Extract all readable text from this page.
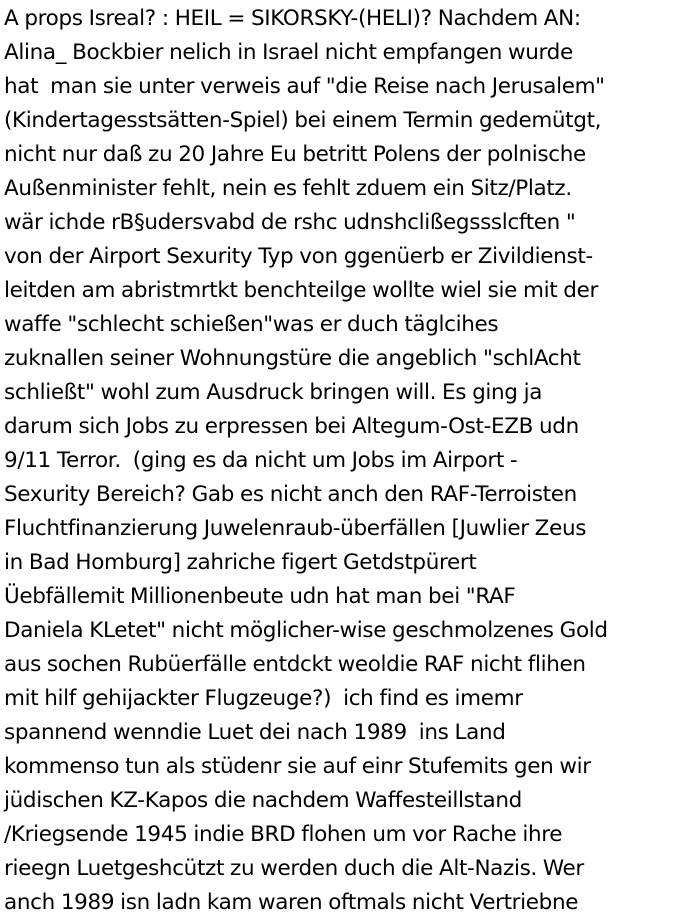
A props Isreal? : HEIL = SIKORSKY-(HELI)? Nachdem AN:
Alina_ Bockbier nelich in Israel nicht empfangen wurde
hat  man sie unter verweis auf "die Reise nach Jerusalem"
(Kindertagesstsätten-Spiel) bei einem Termin gedemütgt,
nicht nur daß zu 20 Jahre Eu betritt Polens der polnische
Außenminister fehlt, nein es fehlt zduem ein Sitz/Platz.
wär ichde rB§udersvabd de rshc udnshclißegssslcften "
von der Airport Sexurity Typ von ggenüerb er Zivildienst-
leitden am abristmrtkt benchteilge wollte wiel sie mit der
waffe "schlecht schießen"was er duch täglcihes
zuknallen seiner Wohnungstüre die angeblich "schlAcht
schließt" wohl zum Ausdruck bringen will. Es ging ja
darum sich Jobs zu erpressen bei Altegum-Ost-EZB udn
9/11 Terror.  (ging es da nicht um Jobs im Airport -
Sexurity Bereich? Gab es nicht anch den RAF-Terroisten
Fluchtfinanzierung Juwelenraub-überfällen [Juwlier Zeus
in Bad Homburg] zahriche figert Getdstpürert
Üebfällemit Millionenbeute udn hat man bei "RAF
Daniela KLetet" nicht möglicher-wise geschmolzenes Gold
aus sochen Rubüerfälle entdckt weoldie RAF nicht flihen
mit hilf gehijackter Flugzeuge?)  ich find es imemr
spannend wenndie Luet dei nach 1989  ins Land
kommenso tun als stüdenr sie auf einr Stufemits gen wir
jüdischen KZ-Kapos die nachdem Waffesteillstand
/Kriegsende 1945 indie BRD flohen um vor Rache ihre
rieegn Luetgeshcützt zu werden duch die Alt-Nazis. Wer
anch 1989 isn ladn kam waren oftmals nicht Vertriebne
